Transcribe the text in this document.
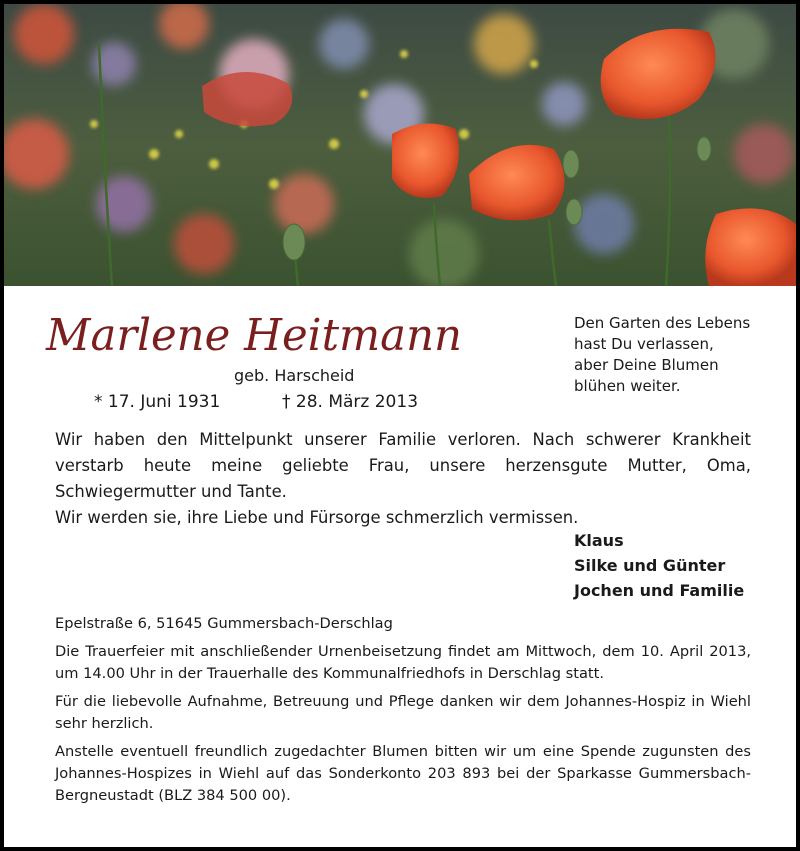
Marlene Heitmann
geb. Harscheid
* 17. Juni 1931	† 28. März 2013
Den Garten des Lebens
hast Du verlassen,
aber Deine Blumen
blühen weiter.

Wir haben den Mittelpunkt unserer Familie verloren. Nach schwerer Krankheit verstarb heute meine geliebte Frau, unsere herzensgute Mutter, Oma, Schwiegermutter und Tante.

Wir werden sie, ihre Liebe und Fürsorge schmerzlich vermissen.

Klaus
Silke und Günter
Jochen und Familie

Epelstraße 6, 51645 Gummersbach-Derschlag

Die Trauerfeier mit anschließender Urnenbeisetzung findet am Mittwoch, dem 10. April 2013, um 14.00 Uhr in der Trauerhalle des Kommunalfriedhofs in Derschlag statt.

Für die liebevolle Aufnahme, Betreuung und Pflege danken wir dem Johannes-Hospiz in Wiehl sehr herzlich.

Anstelle eventuell freundlich zugedachter Blumen bitten wir um eine Spende zugunsten des Johannes-Hospizes in Wiehl auf das Sonderkonto 203 893 bei der Sparkasse Gummersbach-Bergneustadt (BLZ 384 500 00).
